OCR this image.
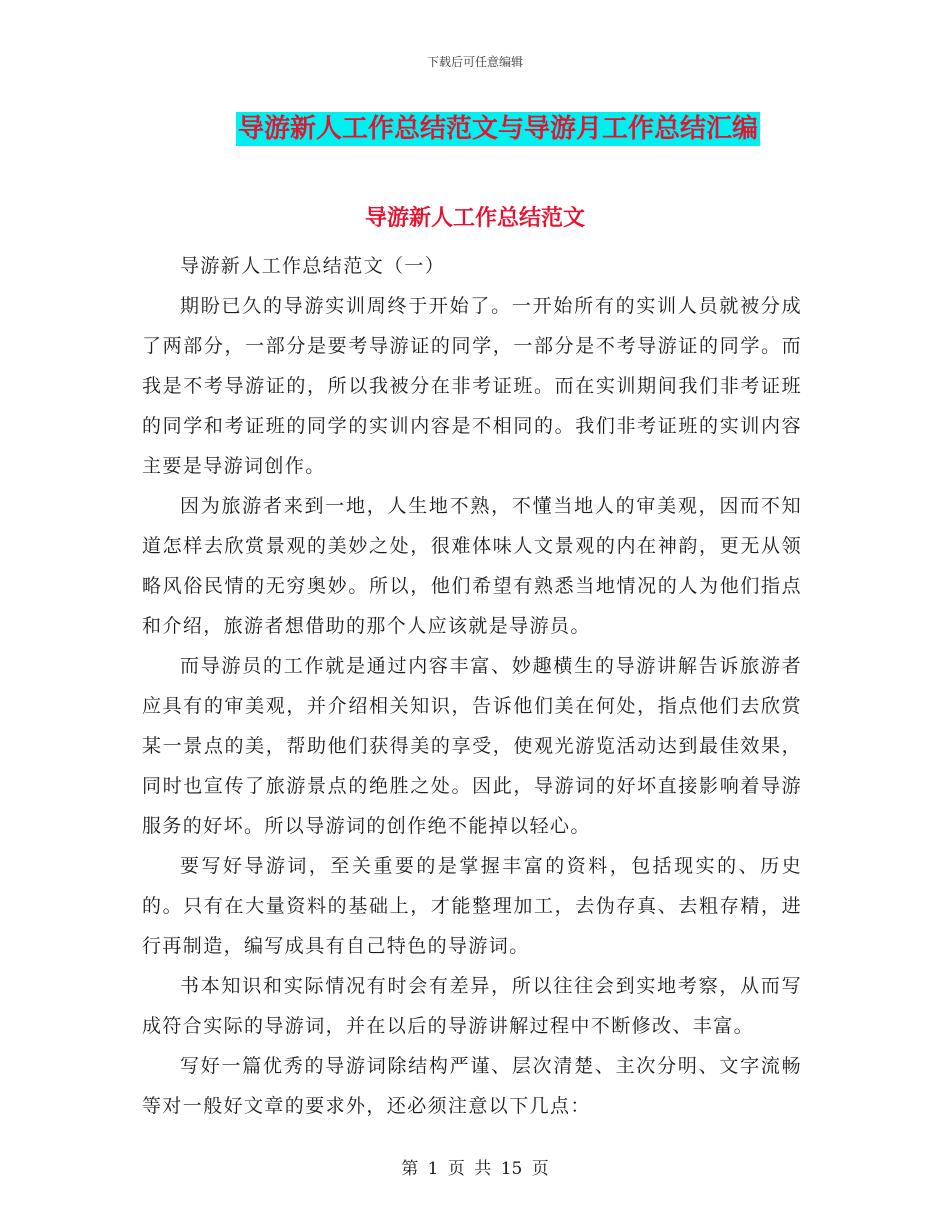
下载后可任意编辑
导游新人工作总结范文与导游月工作总结汇编
导游新人工作总结范文

导游新人工作总结范文（一）

期盼已久的导游实训周终于开始了。一开始所有的实训人员就被分成了两部分，一部分是要考导游证的同学，一部分是不考导游证的同学。而我是不考导游证的，所以我被分在非考证班。而在实训期间我们非考证班的同学和考证班的同学的实训内容是不相同的。我们非考证班的实训内容主要是导游词创作。

因为旅游者来到一地，人生地不熟，不懂当地人的审美观，因而不知道怎样去欣赏景观的美妙之处，很难体味人文景观的内在神韵，更无从领略风俗民情的无穷奥妙。所以，他们希望有熟悉当地情况的人为他们指点和介绍，旅游者想借助的那个人应该就是导游员。

而导游员的工作就是通过内容丰富、妙趣横生的导游讲解告诉旅游者应具有的审美观，并介绍相关知识，告诉他们美在何处，指点他们去欣赏某一景点的美，帮助他们获得美的享受，使观光游览活动达到最佳效果，同时也宣传了旅游景点的绝胜之处。因此，导游词的好坏直接影响着导游服务的好坏。所以导游词的创作绝不能掉以轻心。

要写好导游词，至关重要的是掌握丰富的资料，包括现实的、历史的。只有在大量资料的基础上，才能整理加工，去伪存真、去粗存精，进行再制造，编写成具有自己特色的导游词。

书本知识和实际情况有时会有差异，所以往往会到实地考察，从而写成符合实际的导游词，并在以后的导游讲解过程中不断修改、丰富。

写好一篇优秀的导游词除结构严谨、层次清楚、主次分明、文字流畅等对一般好文章的要求外，还必须注意以下几点：

第 1 页 共 15 页
